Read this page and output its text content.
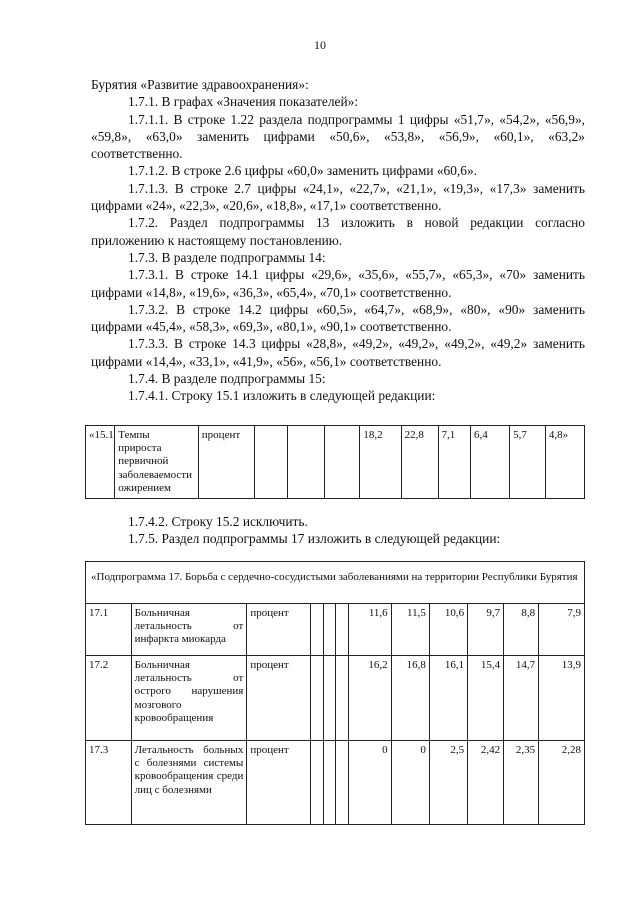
10

Бурятия «Развитие здравоохранения»:

1.7.1. В графах «Значения показателей»:

1.7.1.1. В строке 1.22 раздела подпрограммы 1 цифры «51,7», «54,2», «56,9», «59,8», «63,0» заменить цифрами «50,6», «53,8», «56,9», «60,1», «63,2» соответственно.

1.7.1.2. В строке 2.6 цифры «60,0» заменить цифрами «60,6».

1.7.1.3. В строке 2.7 цифры «24,1», «22,7», «21,1», «19,3», «17,3» заменить цифрами «24», «22,3», «20,6», «18,8», «17,1» соответственно.

1.7.2. Раздел подпрограммы 13 изложить в новой редакции согласно приложению к настоящему постановлению.

1.7.3. В разделе подпрограммы 14:

1.7.3.1. В строке 14.1 цифры «29,6», «35,6», «55,7», «65,3», «70» заменить цифрами «14,8», «19,6», «36,3», «65,4», «70,1» соответственно.

1.7.3.2. В строке 14.2 цифры «60,5», «64,7», «68,9», «80», «90» заменить цифрами «45,4», «58,3», «69,3», «80,1», «90,1» соответственно.

1.7.3.3. В строке 14.3 цифры «28,8», «49,2», «49,2», «49,2», «49,2» заменить цифрами «14,4», «33,1», «41,9», «56», «56,1» соответственно.

1.7.4. В разделе подпрограммы 15:

1.7.4.1. Строку 15.1 изложить в следующей редакции:

«15.1	Темпы прироста первичной заболеваемости ожирением	процент				18,2	22,8	7,1	6,4	5,7	4,8»

1.7.4.2. Строку 15.2 исключить.

1.7.5. Раздел подпрограммы 17 изложить в следующей редакции:

«Подпрограмма 17. Борьба с сердечно-сосудистыми заболеваниями на территории Республики Бурятия											
17.1	Больничная летальность от инфаркта миокарда	процент				11,6	11,5	10,6	9,7	8,8	7,9
17.2	Больничная летальность от острого нарушения мозгового кровообращения	процент				16,2	16,8	16,1	15,4	14,7	13,9
17.3	Летальность больных с болезнями системы кровообращения среди лиц с болезнями	процент				0	0	2,5	2,42	2,35	2,28
